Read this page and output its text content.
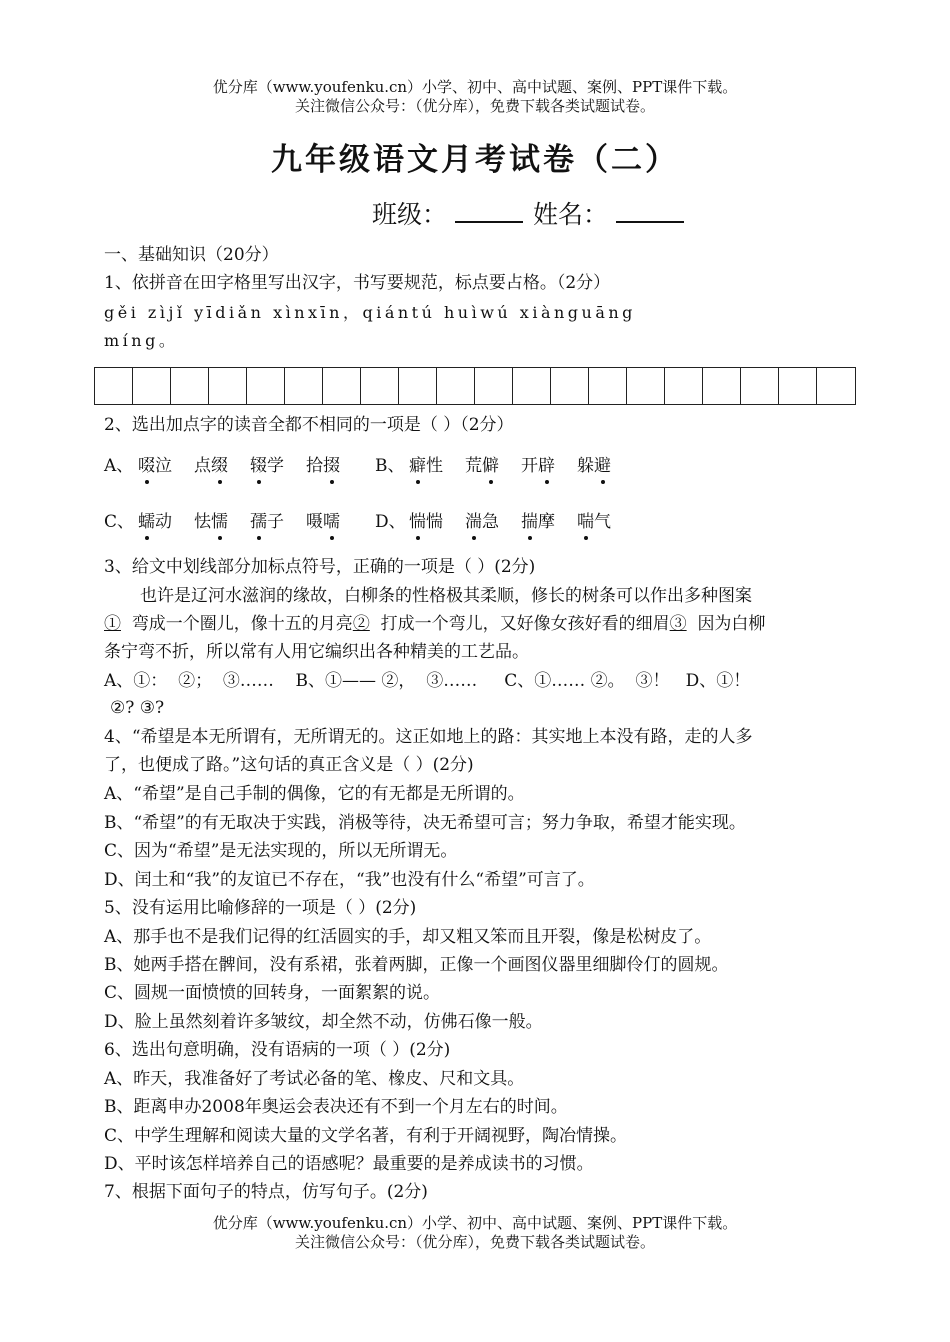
优分库（www.youfenku.cn）小学、初中、高中试题、案例、PPT课件下载。
关注微信公众号：（优分库），免费下载各类试题试卷。
九年级语文月考试卷（二）
班级：	姓名：
一、基础知识（20分）
1、依拼音在田字格里写出汉字，书写要规范，标点要占格。（2分）
gěi zìjǐ yīdiǎn xìnxīn，qiántú huìwú xiànguāng
míng。
2、选出加点字的读音全都不相同的一项是（ ）（2分）
A、 啜泣 点缀 辍学 拾掇 B、 癖性 荒僻 开辟 躲避
C、 蠕动 怯懦 孺子 嗫嚅 D、 惴惴 湍急 揣摩 喘气
3、给文中划线部分加标点符号，正确的一项是（ ）(2分)
也许是辽河水滋润的缘故，白柳条的性格极其柔顺，修长的树条可以作出多种图案
① 弯成一个圈儿，像十五的月亮② 打成一个弯儿，又好像女孩好看的细眉③ 因为白柳
条宁弯不折，所以常有人用它编织出各种精美的工艺品。
A、①：  ②；  ③……    B、①—— ②，  ③……     C、①…… ②。  ③！   D、①！
②? ③?
4、“希望是本无所谓有，无所谓无的。这正如地上的路：其实地上本没有路，走的人多
了，也便成了路。”这句话的真正含义是（ ）(2分)
A、“希望”是自己手制的偶像，它的有无都是无所谓的。
B、“希望”的有无取决于实践，消极等待，决无希望可言；努力争取，希望才能实现。
C、因为“希望”是无法实现的，所以无所谓无。
D、闰土和“我”的友谊已不存在，“我”也没有什么“希望”可言了。
5、没有运用比喻修辞的一项是（ ）(2分)
A、那手也不是我们记得的红活圆实的手，却又粗又笨而且开裂，像是松树皮了。
B、她两手搭在髀间，没有系裙，张着两脚，正像一个画图仪器里细脚伶仃的圆规。
C、圆规一面愤愤的回转身，一面絮絮的说。
D、脸上虽然刻着许多皱纹，却全然不动，仿佛石像一般。
6、选出句意明确，没有语病的一项（ ）(2分)
A、昨天，我准备好了考试必备的笔、橡皮、尺和文具。
B、距离申办2008年奥运会表决还有不到一个月左右的时间。
C、中学生理解和阅读大量的文学名著，有利于开阔视野，陶冶情操。
D、平时该怎样培养自己的语感呢？最重要的是养成读书的习惯。
7、根据下面句子的特点，仿写句子。(2分)
优分库（www.youfenku.cn）小学、初中、高中试题、案例、PPT课件下载。
关注微信公众号：（优分库），免费下载各类试题试卷。
